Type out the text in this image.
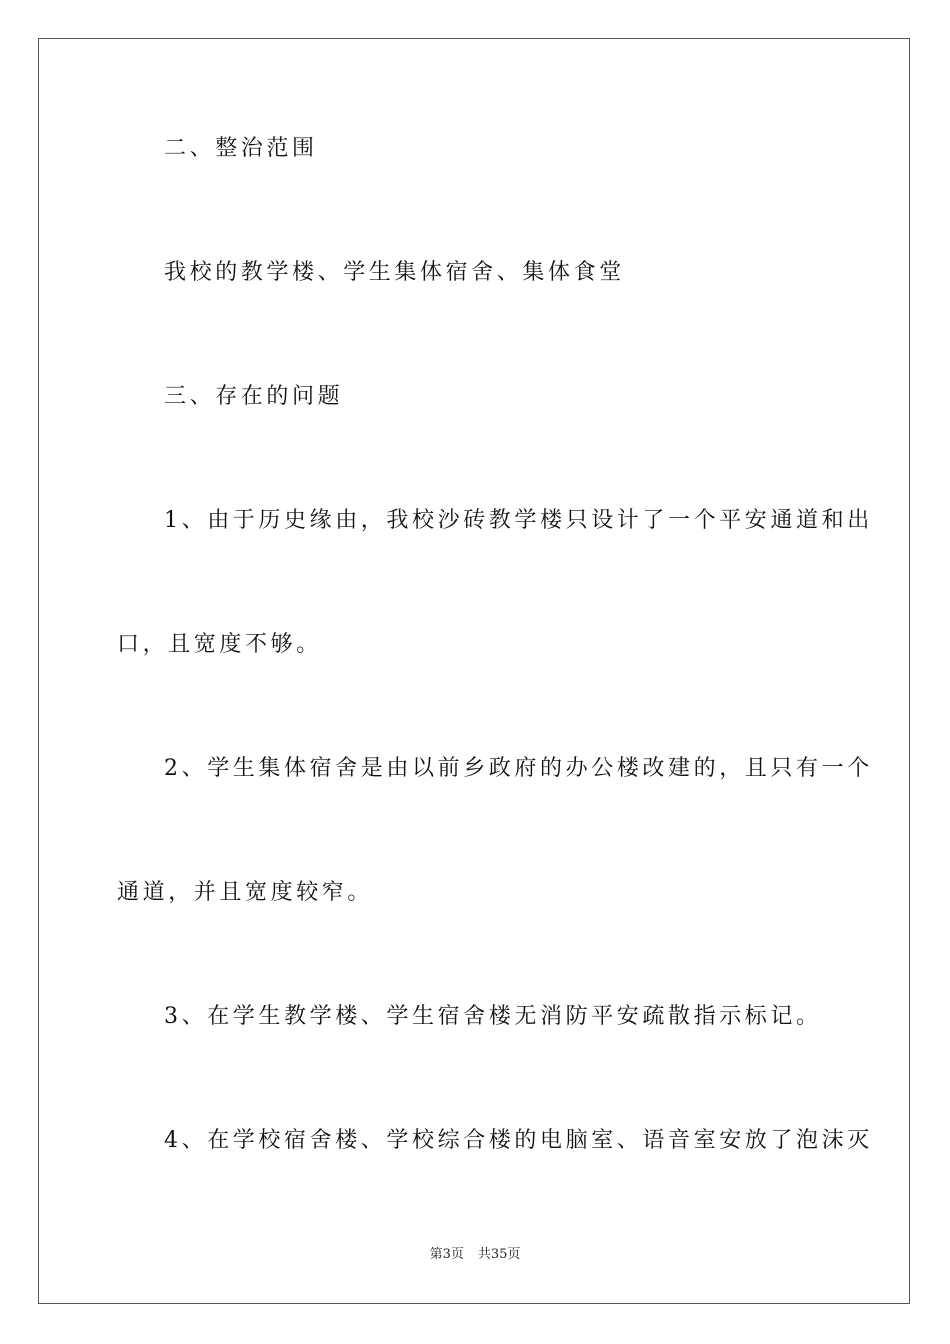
二、整治范围

我校的教学楼、学生集体宿舍、集体食堂

三、存在的问题

1、由于历史缘由，我校沙砖教学楼只设计了一个平安通道和出

口，且宽度不够。

2、学生集体宿舍是由以前乡政府的办公楼改建的，且只有一个

通道，并且宽度较窄。

3、在学生教学楼、学生宿舍楼无消防平安疏散指示标记。

4、在学校宿舍楼、学校综合楼的电脑室、语音室安放了泡沫灭

第3页 共35页
